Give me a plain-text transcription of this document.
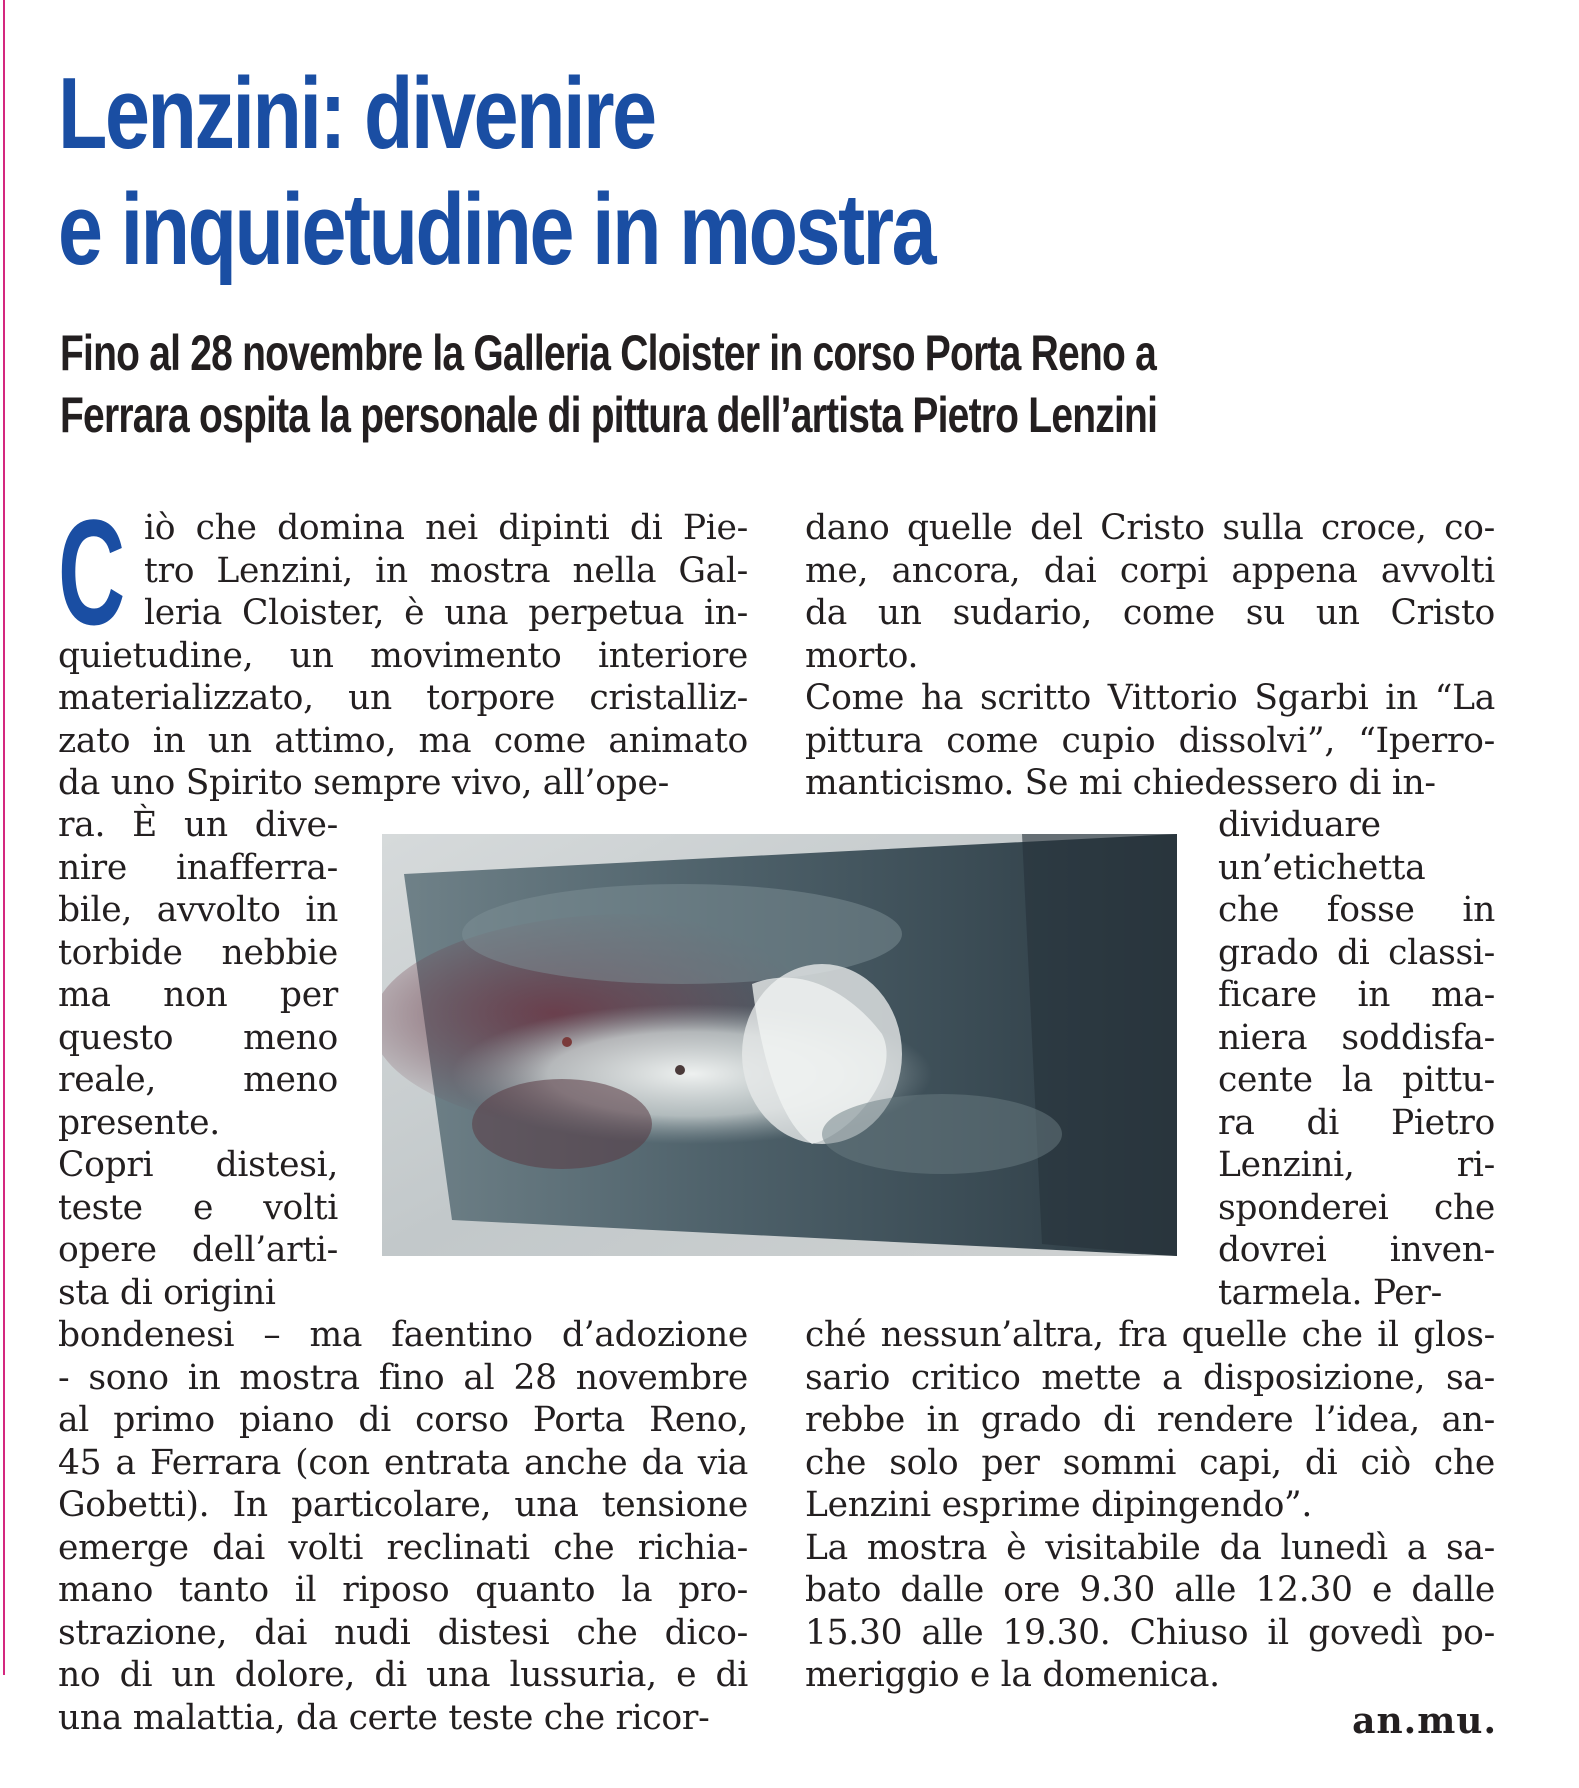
Lenzini: divenire
e inquietudine in mostra
Fino al 28 novembre la Galleria Cloister in corso Porta Reno a
Ferrara ospita la personale di pittura dell’artista Pietro Lenzini
C iò che domina nei dipinti di Pie-
tro Lenzini, in mostra nella Gal-
leria Cloister, è una perpetua in-
quietudine, un movimento interiore
materializzato, un torpore cristalliz-
zato in un attimo, ma come animato
da uno Spirito sempre vivo, all’ope-
ra. È un dive-
nire inafferra-
bile, avvolto in
torbide nebbie
ma non per
questo meno
reale, meno
presente.
Copri distesi,
teste e volti
opere dell’arti-
sta di origini
bondenesi – ma faentino d’adozione
- sono in mostra fino al 28 novembre
al primo piano di corso Porta Reno,
45 a Ferrara (con entrata anche da via
Gobetti). In particolare, una tensione
emerge dai volti reclinati che richia-
mano tanto il riposo quanto la pro-
strazione, dai nudi distesi che dico-
no di un dolore, di una lussuria, e di
una malattia, da certe teste che ricor-
dano quelle del Cristo sulla croce, co-
me, ancora, dai corpi appena avvolti
da un sudario, come su un Cristo
morto.
Come ha scritto Vittorio Sgarbi in “La
pittura come cupio dissolvi”, “Iperro-
manticismo. Se mi chiedessero di in-
dividuare
un’etichetta
che fosse in
grado di classi-
ficare in ma-
niera soddisfa-
cente la pittu-
ra di Pietro
Lenzini, ri-
sponderei che
dovrei inven-
tarmela. Per-
ché nessun’altra, fra quelle che il glos-
sario critico mette a disposizione, sa-
rebbe in grado di rendere l’idea, an-
che solo per sommi capi, di ciò che
Lenzini esprime dipingendo”.
La mostra è visitabile da lunedì a sa-
bato dalle ore 9.30 alle 12.30 e dalle
15.30 alle 19.30. Chiuso il govedì po-
meriggio e la domenica.
an.mu.
